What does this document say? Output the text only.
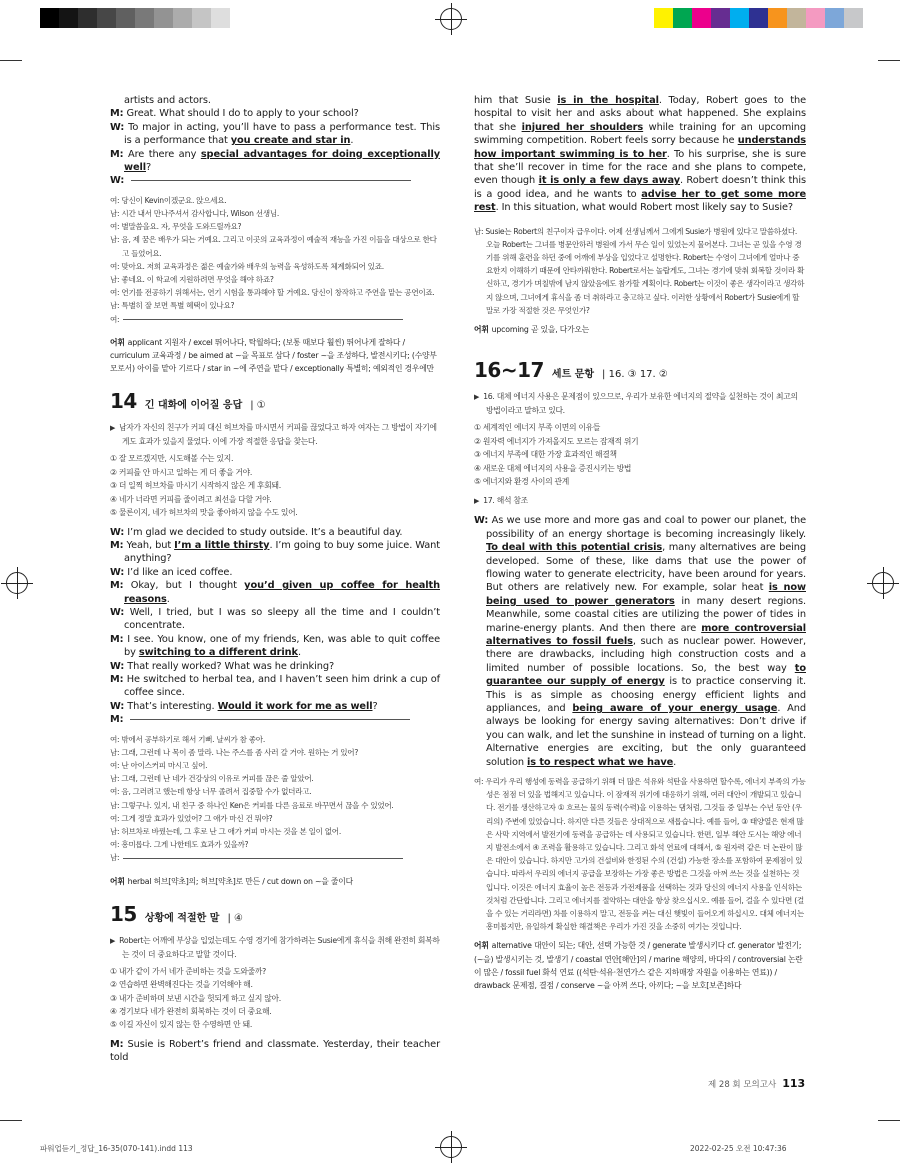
artists and actors.
M: Great. What should I do to apply to your school?
W: To major in acting, you’ll have to pass a performance test. This is a performance that you create and star in.
M: Are there any special advantages for doing exceptionally well?
W:
여: 당신이 Kevin이겠군요. 앉으세요.
남: 시간 내서 만나주셔서 감사합니다, Wilson 선생님.
여: 별말씀을요. 자, 무엇을 도와드릴까요?
남: 음, 제 꿈은 배우가 되는 거예요. 그리고 이곳의 교육과정이 예술적 재능을 가진 이들을 대상으로 한다고 들었어요.
여: 맞아요. 저희 교육과정은 젊은 예술가와 배우의 능력을 육성하도록 체계화되어 있죠.
남: 좋네요. 이 학교에 지원하려면 무엇을 해야 하죠?
여: 연기를 전공하기 위해서는, 연기 시험을 통과해야 할 거예요. 당신이 창작하고 주연을 맡는 공연이죠.
남: 특별히 잘 보면 특별 혜택이 있나요?
여:
어휘 applicant 지원자 / excel 뛰어나다, 탁월하다; (보통 때보다 훨씬) 뛰어나게 잘하다 / curriculum 교육과정 / be aimed at ~을 목표로 삼다 / foster ~을 조성하다, 발전시키다; (수양부모로서) 아이를 맡아 기르다 / star in ~에 주연을 맡다 / exceptionally 특별히; 예외적인 경우에만
14 긴 대화에 이어질 응답 | ①
▶ 남자가 자신의 친구가 커피 대신 허브차를 마시면서 커피를 끊었다고 하자 여자는 그 방법이 자기에게도 효과가 있을지 물었다. 이에 가장 적절한 응답을 찾는다.
① 잘 모르겠지만, 시도해볼 수는 있지.
② 커피를 안 마시고 일하는 게 더 좋을 거야.
③ 더 일찍 허브차를 마시기 시작하지 않은 게 후회돼.
④ 네가 너라면 커피를 줄이려고 최선을 다할 거야.
⑤ 물론이지, 네가 허브차의 맛을 좋아하지 않을 수도 있어.
W: I’m glad we decided to study outside. It’s a beautiful day.
M: Yeah, but I’m a little thirsty. I’m going to buy some juice. Want anything?
W: I’d like an iced coffee.
M: Okay, but I thought you’d given up coffee for health reasons.
W: Well, I tried, but I was so sleepy all the time and I couldn’t concentrate.
M: I see. You know, one of my friends, Ken, was able to quit coffee by switching to a different drink.
W: That really worked? What was he drinking?
M: He switched to herbal tea, and I haven’t seen him drink a cup of coffee since.
W: That’s interesting. Would it work for me as well?
M:
여: 밖에서 공부하기로 해서 기뻐. 날씨가 참 좋아.
남: 그래, 그런데 나 목이 좀 말라. 나는 주스를 좀 사러 갈 거야. 원하는 거 있어?
여: 난 아이스커피 마시고 싶어.
남: 그래, 그런데 난 네가 건강상의 이유로 커피를 끊은 줄 알았어.
여: 음, 그러려고 했는데 항상 너무 졸려서 집중할 수가 없더라고.
남: 그렇구나. 있지, 내 친구 중 하나인 Ken은 커피를 다른 음료로 바꾸면서 끊을 수 있었어.
여: 그게 정말 효과가 있었어? 그 애가 마신 건 뭐야?
남: 허브차로 바꿨는데, 그 후로 난 그 애가 커피 마시는 것을 본 일이 없어.
여: 흥미롭다. 그게 나한테도 효과가 있을까?
남:
어휘 herbal 허브[약초]의; 허브[약초]로 만든 / cut down on ~을 줄이다
15 상황에 적절한 말 | ④
▶ Robert는 어깨에 부상을 입었는데도 수영 경기에 참가하려는 Susie에게 휴식을 취해 완전히 회복하는 것이 더 중요하다고 말할 것이다.
① 내가 같이 가서 네가 준비하는 것을 도와줄까?
② 연습하면 완벽해진다는 것을 기억해야 해.
③ 내가 준비하며 보낸 시간을 헛되게 하고 싶지 않아.
④ 경기보다 네가 완전히 회복하는 것이 더 중요해.
⑤ 이길 자신이 있지 않는 한 수영하면 안 돼.
M: Susie is Robert’s friend and classmate. Yesterday, their teacher told
him that Susie is in the hospital. Today, Robert goes to the hospital to visit her and asks about what happened. She explains that she injured her shoulders while training for an upcoming swimming competition. Robert feels sorry because he understands how important swimming is to her. To his surprise, she is sure that she’ll recover in time for the race and she plans to compete, even though it is only a few days away. Robert doesn’t think this is a good idea, and he wants to advise her to get some more rest. In this situation, what would Robert most likely say to Susie?
남: Susie는 Robert의 친구이자 급우이다. 어제 선생님께서 그에게 Susie가 병원에 있다고 말씀하셨다. 오늘 Robert는 그녀를 병문안하러 병원에 가서 무슨 일이 있었는지 물어본다. 그녀는 곧 있을 수영 경기를 위해 훈련을 하던 중에 어깨에 부상을 입었다고 설명한다. Robert는 수영이 그녀에게 얼마나 중요한지 이해하기 때문에 안타까워한다. Robert로서는 놀랍게도, 그녀는 경기에 맞춰 회복할 것이라 확신하고, 경기가 며칠밖에 남지 않았음에도 참가할 계획이다. Robert는 이것이 좋은 생각이라고 생각하지 않으며, 그녀에게 휴식을 좀 더 취하라고 충고하고 싶다. 이러한 상황에서 Robert가 Susie에게 할 말로 가장 적절한 것은 무엇인가?
어휘 upcoming 곧 있을, 다가오는
16~17 세트 문항 | 16. ③ 17. ②
▶ 16. 대체 에너지 사용은 문제점이 있으므로, 우리가 보유한 에너지의 절약을 실천하는 것이 최고의 방법이라고 말하고 있다.
① 세계적인 에너지 부족 이면의 이유들
② 원자력 에너지가 가져올지도 모르는 잠재적 위기
③ 에너지 부족에 대한 가장 효과적인 해결책
④ 새로운 대체 에너지의 사용을 증진시키는 방법
⑤ 에너지와 환경 사이의 관계
▶ 17. 해석 참조
W: As we use more and more gas and coal to power our planet, the possibility of an energy shortage is becoming increasingly likely. To deal with this potential crisis, many alternatives are being developed. Some of these, like dams that use the power of flowing water to generate electricity, have been around for years. But others are relatively new. For example, solar heat is now being used to power generators in many desert regions. Meanwhile, some coastal cities are utilizing the power of tides in marine-energy plants. And then there are more controversial alternatives to fossil fuels, such as nuclear power. However, there are drawbacks, including high construction costs and a limited number of possible locations. So, the best way to guarantee our supply of energy is to practice conserving it. This is as simple as choosing energy efficient lights and appliances, and being aware of your energy usage. And always be looking for energy saving alternatives: Don’t drive if you can walk, and let the sunshine in instead of turning on a light. Alternative energies are exciting, but the only guaranteed solution is to respect what we have.
여: 우리가 우리 행성에 동력을 공급하기 위해 더 많은 석유와 석탄을 사용하면 할수록, 에너지 부족의 가능성은 점점 더 있을 법해지고 있습니다. 이 잠재적 위기에 대응하기 위해, 여러 대안이 개발되고 있습니다. 전기를 생산하고자 ① 흐르는 물의 동력(수력)을 이용하는 댐처럼, 그것들 중 일부는 수년 동안 (우리의) 주변에 있었습니다. 하지만 다른 것들은 상대적으로 새롭습니다. 예를 들어, ③ 태양열은 현재 많은 사막 지역에서 발전기에 동력을 공급하는 데 사용되고 있습니다. 한편, 일부 해안 도시는 해양 에너지 발전소에서 ④ 조력을 활용하고 있습니다. 그리고 화석 연료에 대해서, ⑤ 원자력 같은 더 논란이 많은 대안이 있습니다. 하지만 고가의 건설비와 한정된 수의 (건설) 가능한 장소를 포함하여 문제점이 있습니다. 따라서 우리의 에너지 공급을 보장하는 가장 좋은 방법은 그것을 아껴 쓰는 것을 실천하는 것입니다. 이것은 에너지 효율이 높은 전등과 가전제품을 선택하는 것과 당신의 에너지 사용을 인식하는 것처럼 간단합니다. 그리고 에너지를 절약하는 대안을 항상 찾으십시오. 예를 들어, 걸을 수 있다면 (걸을 수 있는 거리라면) 차를 이용하지 말고, 전등을 켜는 대신 햇빛이 들어오게 하십시오. 대체 에너지는 흥미롭지만, 유일하게 확실한 해결책은 우리가 가진 것을 소중히 여기는 것입니다.
어휘 alternative 대안이 되는; 대안, 선택 가능한 것 / generate 발생시키다 cf. generator 발전기; (~을) 발생시키는 것, 발생기 / coastal 연안[해안]의 / marine 해양의, 바다의 / controversial 논란이 많은 / fossil fuel 화석 연료 ((석탄·석유·천연가스 같은 지하매장 자원을 이용하는 연료)) / drawback 문제점, 결점 / conserve ~을 아껴 쓰다, 아끼다; ~을 보호[보존]하다
제 28 회 모의고사 113
파워업듣기_정답_16-35(070-141).indd 113	2022-02-25 오전 10:47:36
